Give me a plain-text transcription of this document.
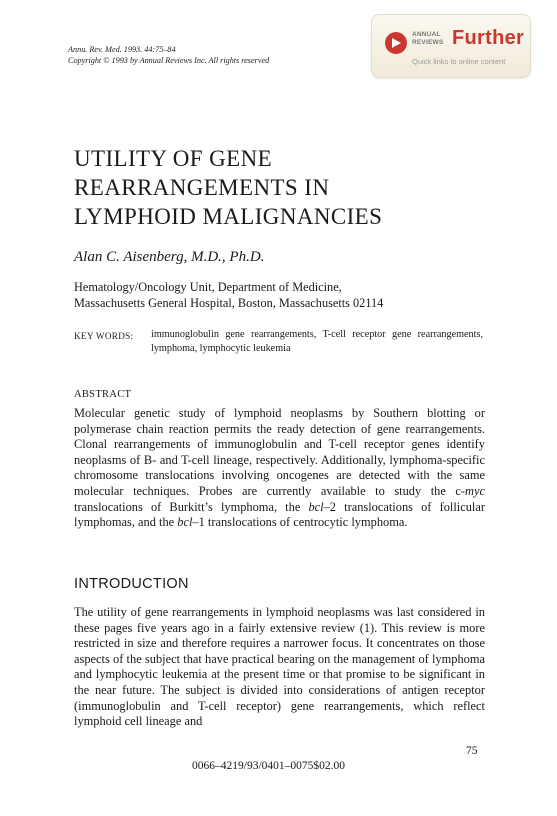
Annu. Rev. Med. 1993. 44:75–84
Copyright © 1993 by Annual Reviews Inc. All rights reserved
ANNUAL
REVIEWS Further
Quick links to online content
UTILITY OF GENE
REARRANGEMENTS IN
LYMPHOID MALIGNANCIES
Alan C. Aisenberg, M.D., Ph.D.
Hematology/Oncology Unit, Department of Medicine,
Massachusetts General Hospital, Boston, Massachusetts 02114
KEY WORDS: immunoglobulin gene rearrangements, T-cell receptor gene rearrangements, lymphoma, lymphocytic leukemia
ABSTRACT

Molecular genetic study of lymphoid neoplasms by Southern blotting or polymerase chain reaction permits the ready detection of gene rearrangements. Clonal rearrangements of immunoglobulin and T-cell receptor genes identify neoplasms of B- and T-cell lineage, respectively. Additionally, lymphoma-specific chromosome translocations involving oncogenes are detected with the same molecular techniques. Probes are currently available to study the c-myc translocations of Burkitt’s lymphoma, the bcl–2 translocations of follicular lymphomas, and the bcl–1 translocations of centrocytic lymphoma.

INTRODUCTION

The utility of gene rearrangements in lymphoid neoplasms was last considered in these pages five years ago in a fairly extensive review (1). This review is more restricted in size and therefore requires a narrower focus. It concentrates on those aspects of the subject that have practical bearing on the management of lymphoma and lymphocytic leukemia at the present time or that promise to be significant in the near future. The subject is divided into considerations of antigen receptor (immunoglobulin and T-cell receptor) gene rearrangements, which reflect lymphoid cell lineage and

75
0066–4219/93/0401–0075$02.00
